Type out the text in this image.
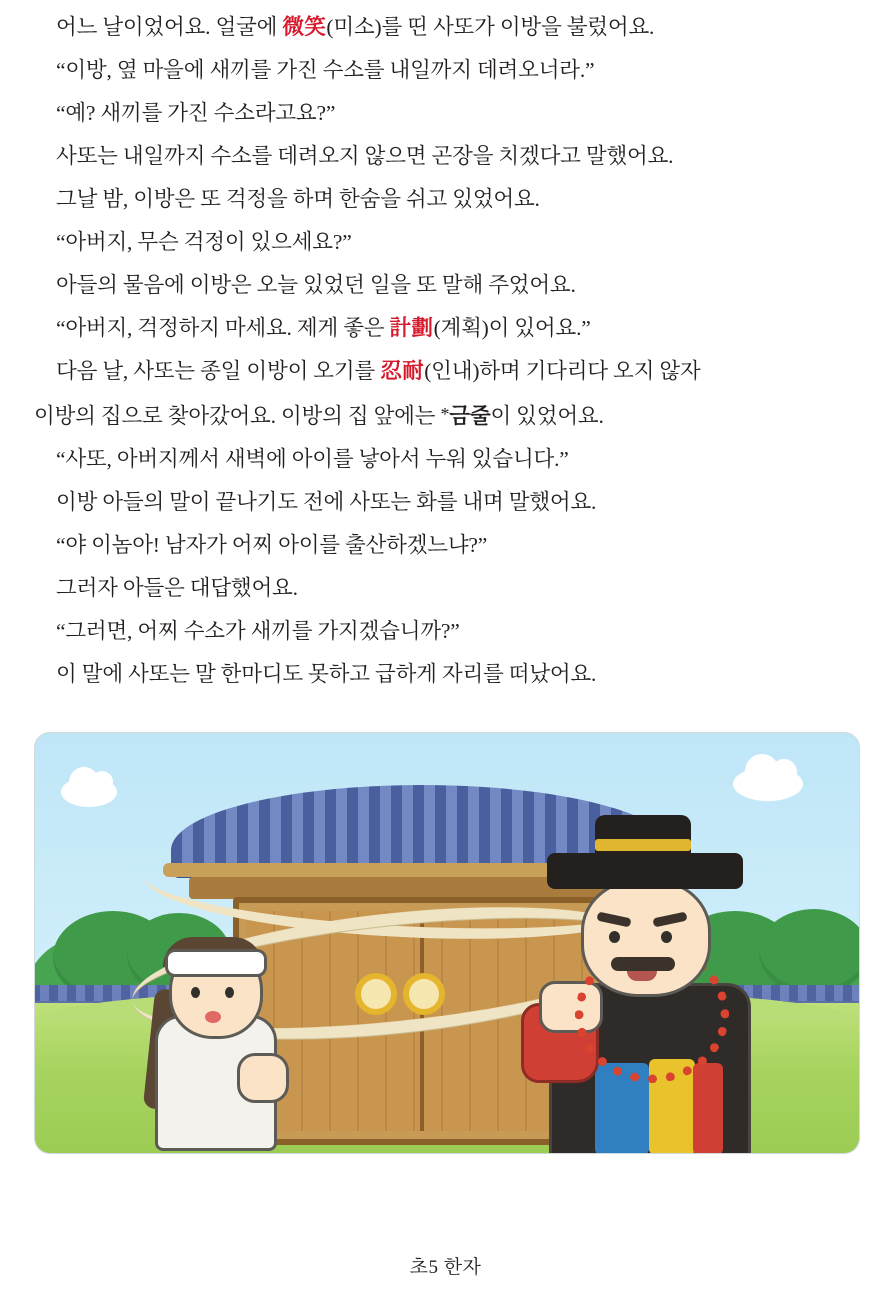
어느 날이었어요. 얼굴에 微笑(미소)를 띤 사또가 이방을 불렀어요.

“이방, 옆 마을에 새끼를 가진 수소를 내일까지 데려오너라.”

“예? 새끼를 가진 수소라고요?”

사또는 내일까지 수소를 데려오지 않으면 곤장을 치겠다고 말했어요.

그날 밤, 이방은 또 걱정을 하며 한숨을 쉬고 있었어요.

“아버지, 무슨 걱정이 있으세요?”

아들의 물음에 이방은 오늘 있었던 일을 또 말해 주었어요.

“아버지, 걱정하지 마세요. 제게 좋은 計劃(계획)이 있어요.”

다음 날, 사또는 종일 이방이 오기를 忍耐(인내)하며 기다리다 오지 않자

이방의 집으로 찾아갔어요. 이방의 집 앞에는 *금줄이 있었어요.

“사또, 아버지께서 새벽에 아이를 낳아서 누워 있습니다.”

이방 아들의 말이 끝나기도 전에 사또는 화를 내며 말했어요.

“야 이놈아! 남자가 어찌 아이를 출산하겠느냐?”

그러자 아들은 대답했어요.

“그러면, 어찌 수소가 새끼를 가지겠습니까?”

이 말에 사또는 말 한마디도 못하고 급하게 자리를 떠났어요.

초5 한자
